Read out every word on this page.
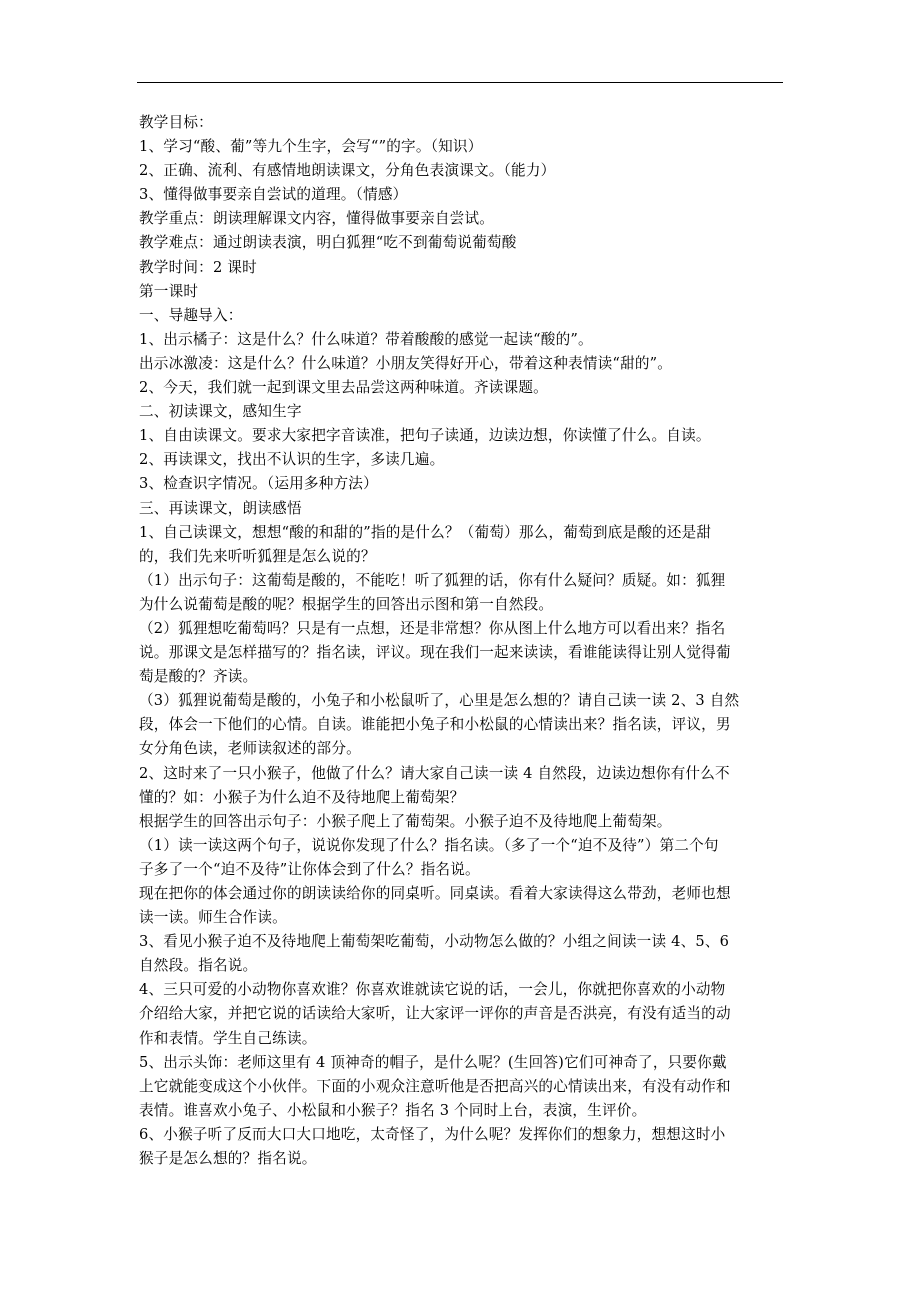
教学目标：

1、学习“酸、葡”等九个生字，会写“”的字。（知识）

2、正确、流利、有感情地朗读课文，分角色表演课文。（能力）

3、懂得做事要亲自尝试的道理。（情感）

教学重点：朗读理解课文内容，懂得做事要亲自尝试。

教学难点：通过朗读表演，明白狐狸“吃不到葡萄说葡萄酸

教学时间：2 课时

第一课时

一、导趣导入：

1、出示橘子：这是什么？什么味道？带着酸酸的感觉一起读“酸的”。

出示冰激凌：这是什么？什么味道？小朋友笑得好开心，带着这种表情读“甜的”。

2、今天，我们就一起到课文里去品尝这两种味道。齐读课题。

二、初读课文，感知生字

1、自由读课文。要求大家把字音读准，把句子读通，边读边想，你读懂了什么。自读。

2、再读课文，找出不认识的生字，多读几遍。

3、检查识字情况。（运用多种方法）

三、再读课文，朗读感悟

1、自己读课文，想想“酸的和甜的”指的是什么？（葡萄）那么，葡萄到底是酸的还是甜

的，我们先来听听狐狸是怎么说的？

（1）出示句子：这葡萄是酸的，不能吃！听了狐狸的话，你有什么疑问？质疑。如：狐狸

为什么说葡萄是酸的呢？根据学生的回答出示图和第一自然段。

（2）狐狸想吃葡萄吗？只是有一点想，还是非常想？你从图上什么地方可以看出来？指名

说。那课文是怎样描写的？指名读，评议。现在我们一起来读读，看谁能读得让别人觉得葡

萄是酸的？齐读。

（3）狐狸说葡萄是酸的，小兔子和小松鼠听了，心里是怎么想的？请自己读一读 2、3 自然

段，体会一下他们的心情。自读。谁能把小兔子和小松鼠的心情读出来？指名读，评议，男

女分角色读，老师读叙述的部分。

2、这时来了一只小猴子，他做了什么？请大家自己读一读 4 自然段，边读边想你有什么不

懂的？如：小猴子为什么迫不及待地爬上葡萄架？

根据学生的回答出示句子：小猴子爬上了葡萄架。小猴子迫不及待地爬上葡萄架。

（1）读一读这两个句子，说说你发现了什么？指名读。（多了一个“迫不及待”）第二个句

子多了一个“迫不及待”让你体会到了什么？指名说。

现在把你的体会通过你的朗读读给你的同桌听。同桌读。看着大家读得这么带劲，老师也想

读一读。师生合作读。

3、看见小猴子迫不及待地爬上葡萄架吃葡萄，小动物怎么做的？小组之间读一读 4、5、6

自然段。指名说。

4、三只可爱的小动物你喜欢谁？你喜欢谁就读它说的话，一会儿，你就把你喜欢的小动物

介绍给大家，并把它说的话读给大家听，让大家评一评你的声音是否洪亮，有没有适当的动

作和表情。学生自己练读。

5、出示头饰：老师这里有 4 顶神奇的帽子，是什么呢？(生回答)它们可神奇了，只要你戴

上它就能变成这个小伙伴。下面的小观众注意听他是否把高兴的心情读出来，有没有动作和

表情。谁喜欢小兔子、小松鼠和小猴子？指名 3 个同时上台，表演，生评价。

6、小猴子听了反而大口大口地吃，太奇怪了，为什么呢？发挥你们的想象力，想想这时小

猴子是怎么想的？指名说。
